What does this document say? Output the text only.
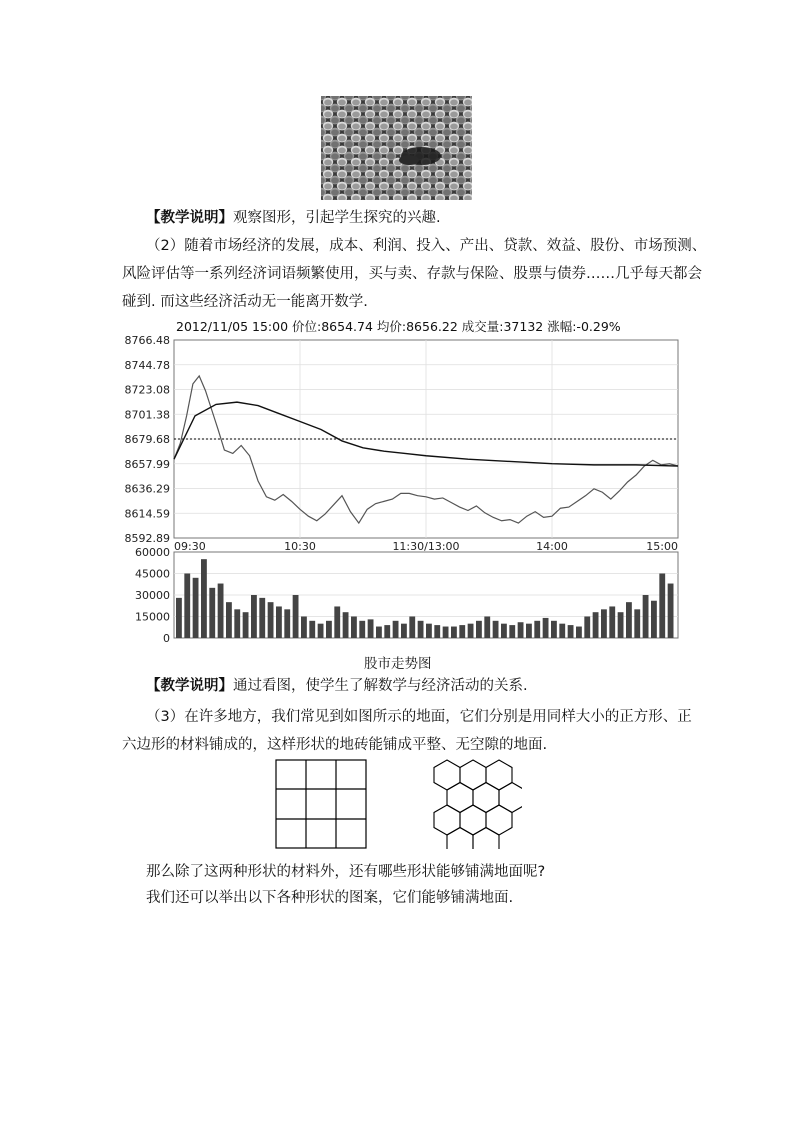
【教学说明】观察图形，引起学生探究的兴趣.
（2）随着市场经济的发展，成本、利润、投入、产出、贷款、效益、股份、市场预测、
风险评估等一系列经济词语频繁使用，买与卖、存款与保险、股票与债券……几乎每天都会
碰到. 而这些经济活动无一能离开数学.
2012/11/05 15:00 价位:8654.74 均价:8656.22 成交量:37132 涨幅:-0.29%
8766.48
8744.78
8723.08
8701.38
8679.68
8657.99
8636.29
8614.59
8592.89
09:30	10:30	11:30/13:00	14:00	15:00
60000
45000
30000
15000
0
股市走势图
【教学说明】通过看图，使学生了解数学与经济活动的关系.
（3）在许多地方，我们常见到如图所示的地面，它们分别是用同样大小的正方形、正
六边形的材料铺成的，这样形状的地砖能铺成平整、无空隙的地面.
那么除了这两种形状的材料外，还有哪些形状能够铺满地面呢?
我们还可以举出以下各种形状的图案，它们能够铺满地面.
